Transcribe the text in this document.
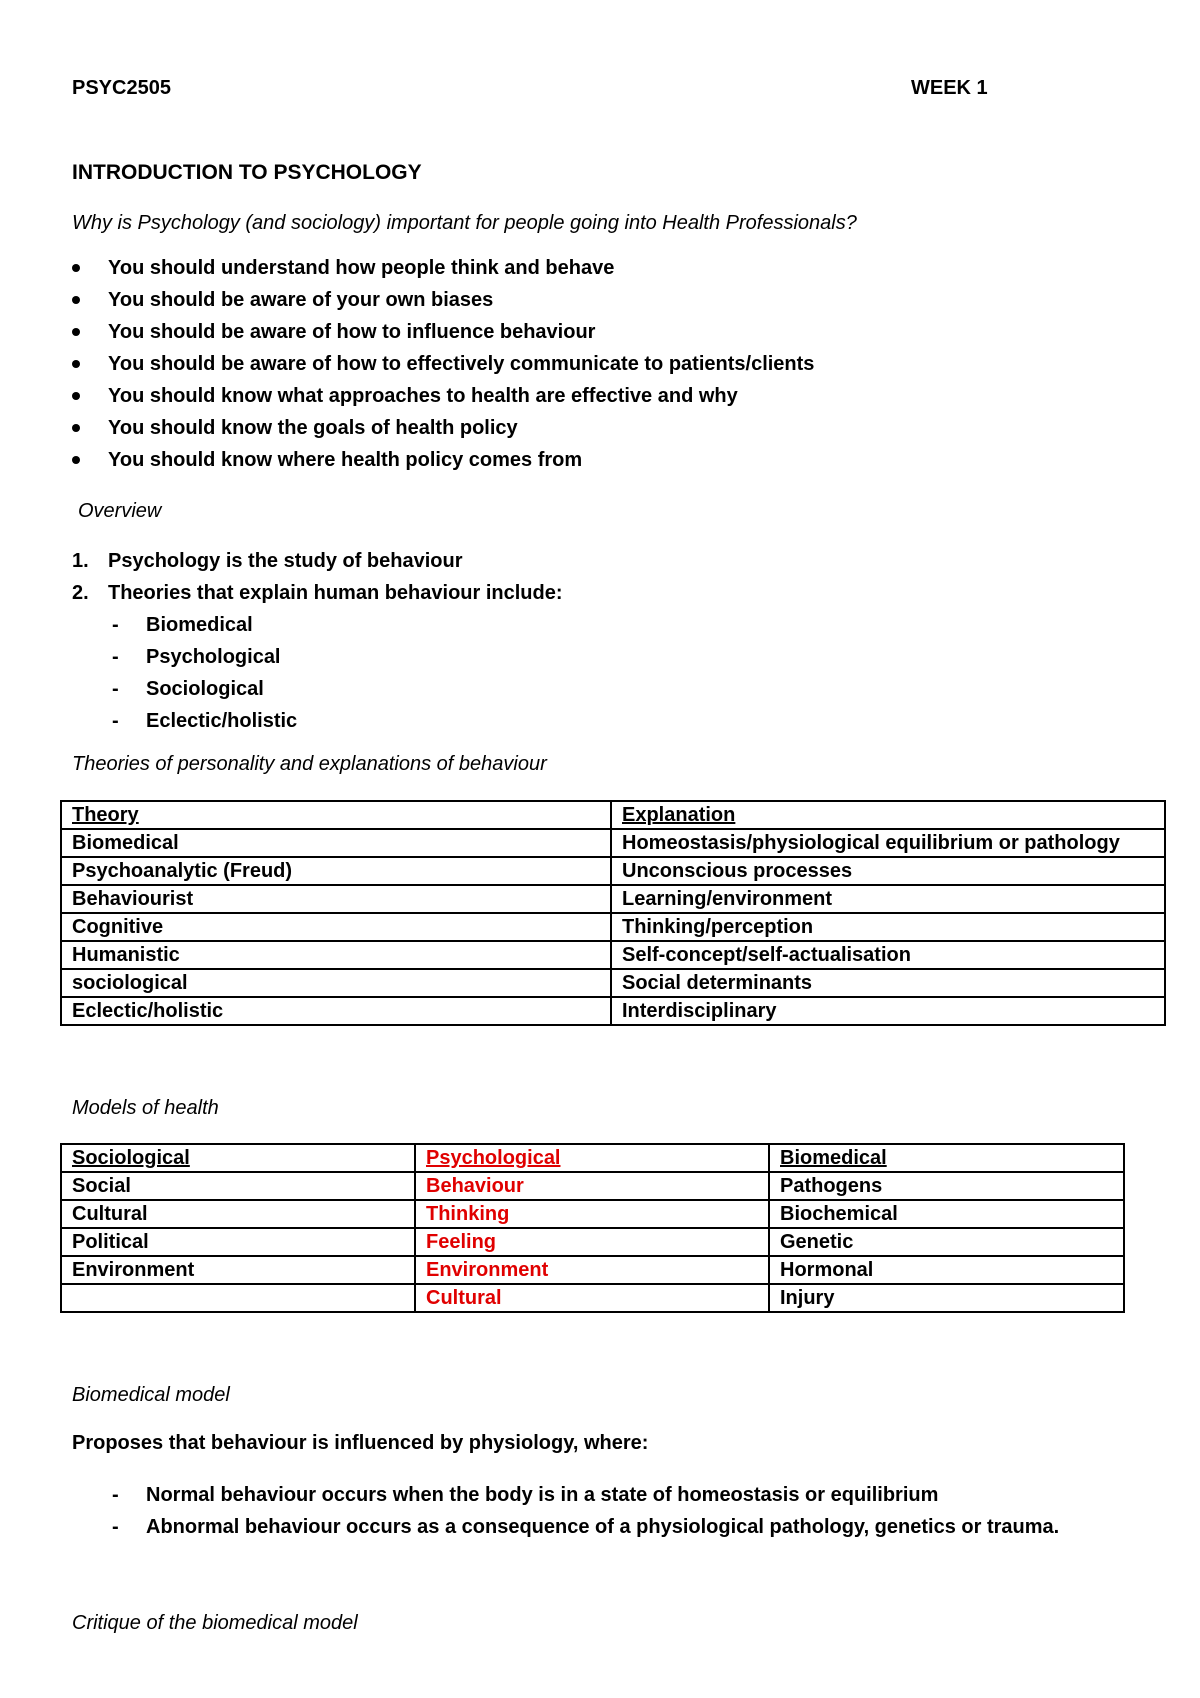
PSYC2505	WEEK 1
INTRODUCTION TO PSYCHOLOGY
Why is Psychology (and sociology) important for people going into Health Professionals?
You should understand how people think and behave
You should be aware of your own biases
You should be aware of how to influence behaviour
You should be aware of how to effectively communicate to patients/clients
You should know what approaches to health are effective and why
You should know the goals of health policy
You should know where health policy comes from
Overview
1. Psychology is the study of behaviour
2. Theories that explain human behaviour include:
- Biomedical
- Psychological
- Sociological
- Eclectic/holistic
Theories of personality and explanations of behaviour
Theory	Explanation
Biomedical	Homeostasis/physiological equilibrium or pathology
Psychoanalytic (Freud)	Unconscious processes
Behaviourist	Learning/environment
Cognitive	Thinking/perception
Humanistic	Self-concept/self-actualisation
sociological	Social determinants
Eclectic/holistic	Interdisciplinary
Models of health
Sociological	Psychological	Biomedical
Social	Behaviour	Pathogens
Cultural	Thinking	Biochemical
Political	Feeling	Genetic
Environment	Environment	Hormonal
	Cultural	Injury
Biomedical model
Proposes that behaviour is influenced by physiology, where:
- Normal behaviour occurs when the body is in a state of homeostasis or equilibrium
- Abnormal behaviour occurs as a consequence of a physiological pathology, genetics or trauma.
Critique of the biomedical model
